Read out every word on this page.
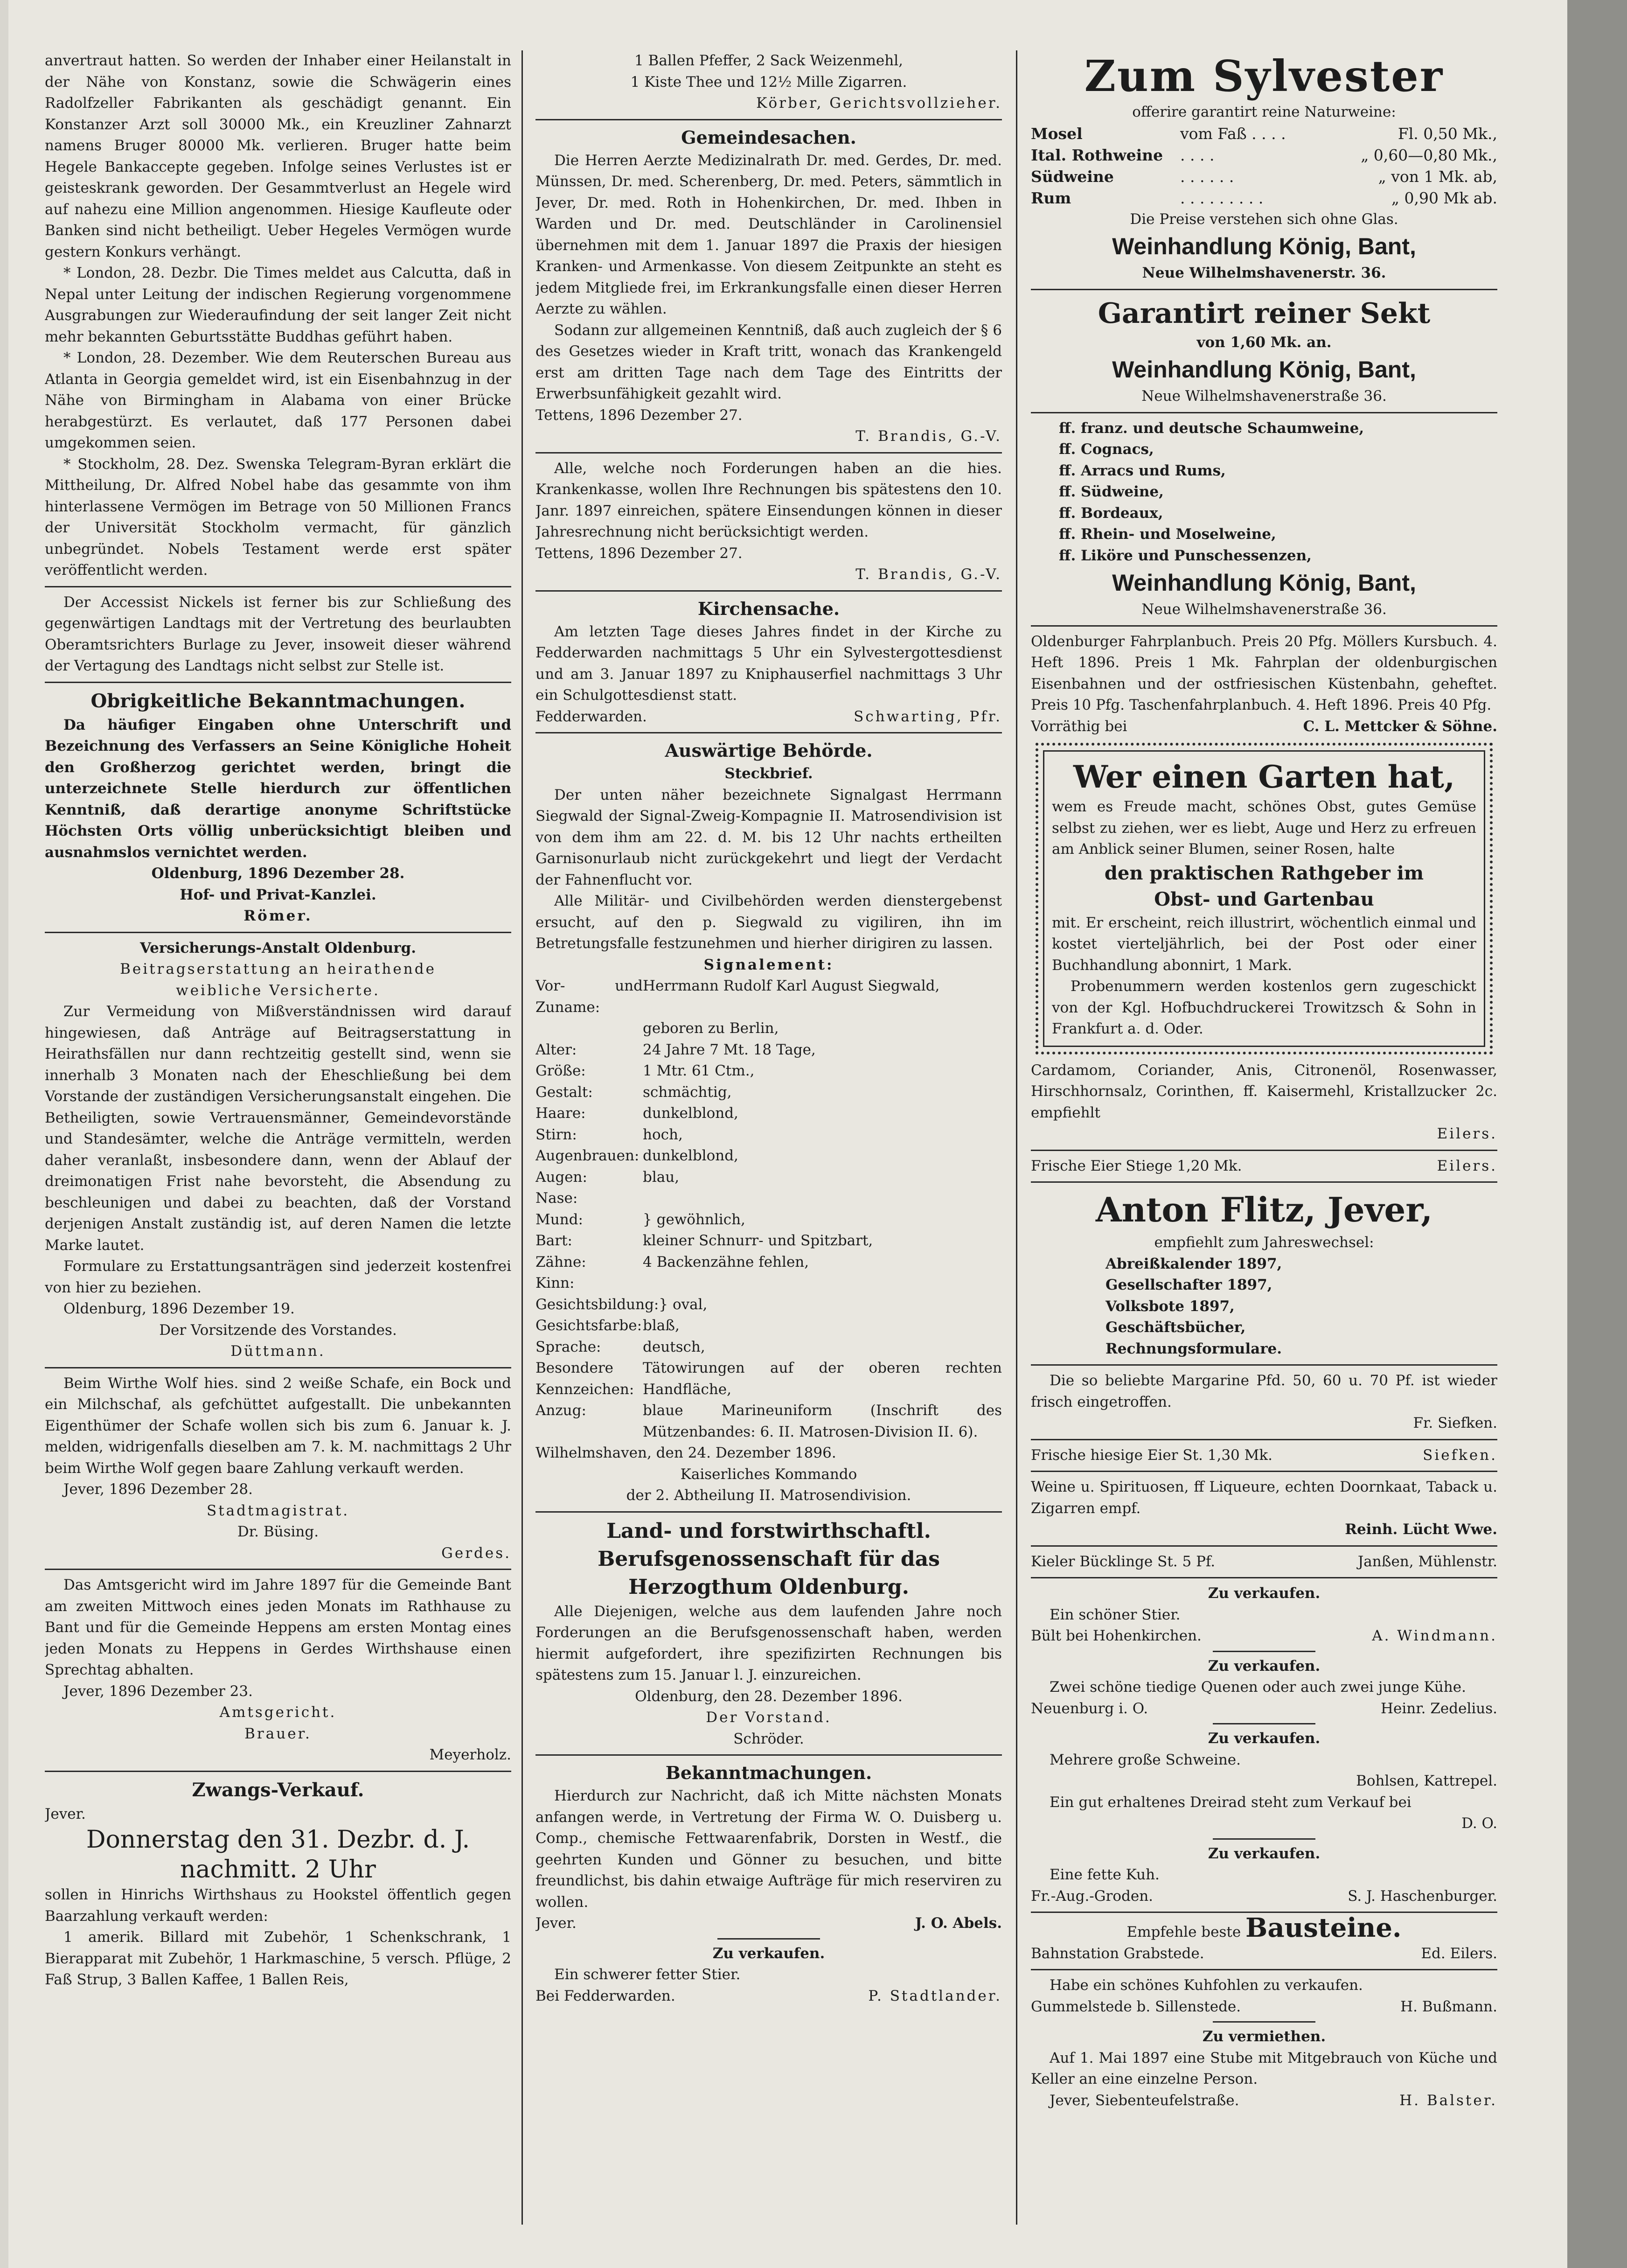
anvertraut hatten. So werden der Inhaber einer Heilanstalt in der Nähe von Konstanz, sowie die Schwägerin eines Radolfzeller Fabrikanten als geschädigt genannt. Ein Konstanzer Arzt soll 30000 Mk., ein Kreuzliner Zahnarzt namens Bruger 80000 Mk. verlieren. Bruger hatte beim Hegele Bankaccepte gegeben. Infolge seines Verlustes ist er geisteskrank geworden. Der Gesammtverlust an Hegele wird auf nahezu eine Million angenommen. Hiesige Kaufleute oder Banken sind nicht betheiligt. Ueber Hegeles Vermögen wurde gestern Konkurs verhängt.

* London, 28. Dezbr. Die Times meldet aus Calcutta, daß in Nepal unter Leitung der indischen Regierung vorgenommene Ausgrabungen zur Wiederaufindung der seit langer Zeit nicht mehr bekannten Geburtsstätte Buddhas geführt haben.

* London, 28. Dezember. Wie dem Reuterschen Bureau aus Atlanta in Georgia gemeldet wird, ist ein Eisenbahnzug in der Nähe von Birmingham in Alabama von einer Brücke herabgestürzt. Es verlautet, daß 177 Personen dabei umgekommen seien.

* Stockholm, 28. Dez. Swenska Telegram-Byran erklärt die Mittheilung, Dr. Alfred Nobel habe das gesammte von ihm hinterlassene Vermögen im Betrage von 50 Millionen Francs der Universität Stockholm vermacht, für gänzlich unbegründet. Nobels Testament werde erst später veröffentlicht werden.

Der Accessist Nickels ist ferner bis zur Schließung des gegenwärtigen Landtags mit der Vertretung des beurlaubten Oberamtsrichters Burlage zu Jever, insoweit dieser während der Vertagung des Landtags nicht selbst zur Stelle ist.

Obrigkeitliche Bekanntmachungen.

Da häufiger Eingaben ohne Unterschrift und Bezeichnung des Verfassers an Seine Königliche Hoheit den Großherzog gerichtet werden, bringt die unterzeichnete Stelle hierdurch zur öffentlichen Kenntniß, daß derartige anonyme Schriftstücke Höchsten Orts völlig unberücksichtigt bleiben und ausnahmslos vernichtet werden.

Oldenburg, 1896 Dezember 28.
Hof- und Privat-Kanzlei.
Römer.
Versicherungs-Anstalt Oldenburg.
Beitragserstattung an heirathende
weibliche Versicherte.

Zur Vermeidung von Mißverständnissen wird darauf hingewiesen, daß Anträge auf Beitragserstattung in Heirathsfällen nur dann rechtzeitig gestellt sind, wenn sie innerhalb 3 Monaten nach der Eheschließung bei dem Vorstande der zuständigen Versicherungsanstalt eingehen. Die Betheiligten, sowie Vertrauensmänner, Gemeindevorstände und Standesämter, welche die Anträge vermitteln, werden daher veranlaßt, insbesondere dann, wenn der Ablauf der dreimonatigen Frist nahe bevorsteht, die Absendung zu beschleunigen und dabei zu beachten, daß der Vorstand derjenigen Anstalt zuständig ist, auf deren Namen die letzte Marke lautet.

Formulare zu Erstattungsanträgen sind jederzeit kostenfrei von hier zu beziehen.

Oldenburg, 1896 Dezember 19.
Der Vorsitzende des Vorstandes.
Düttmann.

Beim Wirthe Wolf hies. sind 2 weiße Schafe, ein Bock und ein Milchschaf, als gefchüttet aufgestallt. Die unbekannten Eigenthümer der Schafe wollen sich bis zum 6. Januar k. J. melden, widrigenfalls dieselben am 7. k. M. nachmittags 2 Uhr beim Wirthe Wolf gegen baare Zahlung verkauft werden.

Jever, 1896 Dezember 28.
Stadtmagistrat.
Dr. Büsing.
Gerdes.

Das Amtsgericht wird im Jahre 1897 für die Gemeinde Bant am zweiten Mittwoch eines jeden Monats im Rathhause zu Bant und für die Gemeinde Heppens am ersten Montag eines jeden Monats zu Heppens in Gerdes Wirthshause einen Sprechtag abhalten.

Jever, 1896 Dezember 23.
Amtsgericht.
Brauer.
Meyerholz.
Zwangs-Verkauf.
Jever.
Donnerstag den 31. Dezbr. d. J.
nachmitt. 2 Uhr

sollen in Hinrichs Wirthshaus zu Hookstel öffentlich gegen Baarzahlung verkauft werden:

1 amerik. Billard mit Zubehör, 1 Schenkschrank, 1 Bierapparat mit Zubehör, 1 Harkmaschine, 5 versch. Pflüge, 2 Faß Strup, 3 Ballen Kaffee, 1 Ballen Reis,

1 Ballen Pfeffer, 2 Sack Weizenmehl,
1 Kiste Thee und 12½ Mille Zigarren.
Körber, Gerichtsvollzieher.
Gemeindesachen.

Die Herren Aerzte Medizinalrath Dr. med. Gerdes, Dr. med. Münssen, Dr. med. Scherenberg, Dr. med. Peters, sämmtlich in Jever, Dr. med. Roth in Hohenkirchen, Dr. med. Ihben in Warden und Dr. med. Deutschländer in Carolinensiel übernehmen mit dem 1. Januar 1897 die Praxis der hiesigen Kranken- und Armenkasse. Von diesem Zeitpunkte an steht es jedem Mitgliede frei, im Erkrankungsfalle einen dieser Herren Aerzte zu wählen.

Sodann zur allgemeinen Kenntniß, daß auch zugleich der § 6 des Gesetzes wieder in Kraft tritt, wonach das Krankengeld erst am dritten Tage nach dem Tage des Eintritts der Erwerbsunfähigkeit gezahlt wird.

Tettens, 1896 Dezember 27.
T. Brandis, G.-V.

Alle, welche noch Forderungen haben an die hies. Krankenkasse, wollen Ihre Rechnungen bis spätestens den 10. Janr. 1897 einreichen, spätere Einsendungen können in dieser Jahresrechnung nicht berücksichtigt werden.

Tettens, 1896 Dezember 27.
T. Brandis, G.-V.
Kirchensache.

Am letzten Tage dieses Jahres findet in der Kirche zu Fedderwarden nachmittags 5 Uhr ein Sylvestergottesdienst und am 3. Januar 1897 zu Kniphauserfiel nachmittags 3 Uhr ein Schulgottesdienst statt.

Fedderwarden.	Schwarting, Pfr.
Auswärtige Behörde.
Steckbrief.

Der unten näher bezeichnete Signalgast Herrmann Siegwald der Signal-Zweig-Kompagnie II. Matrosendivision ist von dem ihm am 22. d. M. bis 12 Uhr nachts ertheilten Garnisonurlaub nicht zurückgekehrt und liegt der Verdacht der Fahnenflucht vor.

Alle Militär- und Civilbehörden werden dienstergebenst ersucht, auf den p. Siegwald zu vigiliren, ihn im Betretungsfalle festzunehmen und hierher dirigiren zu lassen.

Signalement:
Vor- und Zuname:
Herrmann Rudolf Karl August Siegwald,
geboren zu Berlin,
Alter:	24 Jahre 7 Mt. 18 Tage,
Größe:	1 Mtr. 61 Ctm.,
Gestalt:	schmächtig,
Haare:	dunkelblond,
Stirn:	hoch,
Augenbrauen: dunkelblond,
Augen:	blau,
Nase:
Mund:	} gewöhnlich,
Bart:	kleiner Schnurr- und Spitzbart,
Zähne:	4 Backenzähne fehlen,
Kinn:
Gesichtsbildung: } oval,
Gesichtsfarbe: blaß,
Sprache:	deutsch,
Besondere Kennzeichen:
Tätowirungen auf der oberen rechten Handfläche,
Anzug:	blaue Marineuniform (Inschrift des Mützenbandes: 6. II. Matrosen-Division II. 6).
Wilhelmshaven, den 24. Dezember 1896.
Kaiserliches Kommando
der 2. Abtheilung II. Matrosendivision.
Land- und forstwirthschaftl. Berufsgenossenschaft für das Herzogthum Oldenburg.

Alle Diejenigen, welche aus dem laufenden Jahre noch Forderungen an die Berufsgenossenschaft haben, werden hiermit aufgefordert, ihre spezifizirten Rechnungen bis spätestens zum 15. Januar l. J. einzureichen.

Oldenburg, den 28. Dezember 1896.
Der Vorstand.
Schröder.
Bekanntmachungen.

Hierdurch zur Nachricht, daß ich Mitte nächsten Monats anfangen werde, in Vertretung der Firma W. O. Duisberg u. Comp., chemische Fettwaarenfabrik, Dorsten in Westf., die geehrten Kunden und Gönner zu besuchen, und bitte freundlichst, bis dahin etwaige Aufträge für mich reserviren zu wollen.

Jever.	J. O. Abels.
Zu verkaufen.

Ein schwerer fetter Stier.

Bei Fedderwarden.	P. Stadtlander.
Zum Sylvester
offerire garantirt reine Naturweine:
Mosel	vom Faß . . . .	Fl. 0,50 Mk.,
Ital. Rothweine	. . . .	„ 0,60—0,80 Mk.,
Südweine	. . . . . .	„ von 1 Mk. ab,
Rum	. . . . . . . . .	„ 0,90 Mk ab.
Die Preise verstehen sich ohne Glas.
Weinhandlung König, Bant,
Neue Wilhelmshavenerstr. 36.
Garantirt reiner Sekt
von 1,60 Mk. an.
Weinhandlung König, Bant,
Neue Wilhelmshavenerstraße 36.
ff. franz. und deutsche Schaumweine,
ff. Cognacs,
ff. Arracs und Rums,
ff. Südweine,
ff. Bordeaux,
ff. Rhein- und Moselweine,
ff. Liköre und Punschessenzen,
Weinhandlung König, Bant,
Neue Wilhelmshavenerstraße 36.

Oldenburger Fahrplanbuch. Preis 20 Pfg. Möllers Kursbuch. 4. Heft 1896. Preis 1 Mk. Fahrplan der oldenburgischen Eisenbahnen und der ostfriesischen Küstenbahn, geheftet. Preis 10 Pfg. Taschenfahrplanbuch. 4. Heft 1896. Preis 40 Pfg.

Vorräthig bei	C. L. Mettcker & Söhne.
Wer einen Garten hat,

wem es Freude macht, schönes Obst, gutes Gemüse selbst zu ziehen, wer es liebt, Auge und Herz zu erfreuen am Anblick seiner Blumen, seiner Rosen, halte

den praktischen Rathgeber im
Obst- und Gartenbau

mit. Er erscheint, reich illustrirt, wöchentlich einmal und kostet vierteljährlich, bei der Post oder einer Buchhandlung abonnirt, 1 Mark.

Probenummern werden kostenlos gern zugeschickt von der Kgl. Hofbuchdruckerei Trowitzsch & Sohn in Frankfurt a. d. Oder.

Cardamom, Coriander, Anis, Citronenöl, Rosenwasser, Hirschhornsalz, Corinthen, ff. Kaisermehl, Kristallzucker 2c. empfiehlt

Eilers.
Frische Eier Stiege 1,20 Mk.	Eilers.
Anton Flitz, Jever,
empfiehlt zum Jahreswechsel:
Abreißkalender 1897,
Gesellschafter 1897,
Volksbote 1897,
Geschäftsbücher,
Rechnungsformulare.

Die so beliebte Margarine Pfd. 50, 60 u. 70 Pf. ist wieder frisch eingetroffen.

Fr. Siefken.
Frische hiesige Eier St. 1,30 Mk.	Siefken.

Weine u. Spirituosen, ff Liqueure, echten Doornkaat, Taback u. Zigarren empf.

Reinh. Lücht Wwe.
Kieler Bücklinge St. 5 Pf.	Janßen, Mühlenstr.
Zu verkaufen.

Ein schöner Stier.

Bült bei Hohenkirchen.	A. Windmann.
Zu verkaufen.

Zwei schöne tiedige Quenen oder auch zwei junge Kühe.

Neuenburg i. O.	Heinr. Zedelius.
Zu verkaufen.

Mehrere große Schweine.

Bohlsen, Kattrepel.

Ein gut erhaltenes Dreirad steht zum Verkauf bei

D. O.
Zu verkaufen.

Eine fette Kuh.

Fr.-Aug.-Groden.	S. J. Haschenburger.
Empfehle beste Bausteine.
Bahnstation Grabstede.	Ed. Eilers.

Habe ein schönes Kuhfohlen zu verkaufen.

Gummelstede b. Sillenstede.	H. Bußmann.
Zu vermiethen.

Auf 1. Mai 1897 eine Stube mit Mitgebrauch von Küche und Keller an eine einzelne Person.

Jever, Siebenteufelstraße.	H. Balster.
